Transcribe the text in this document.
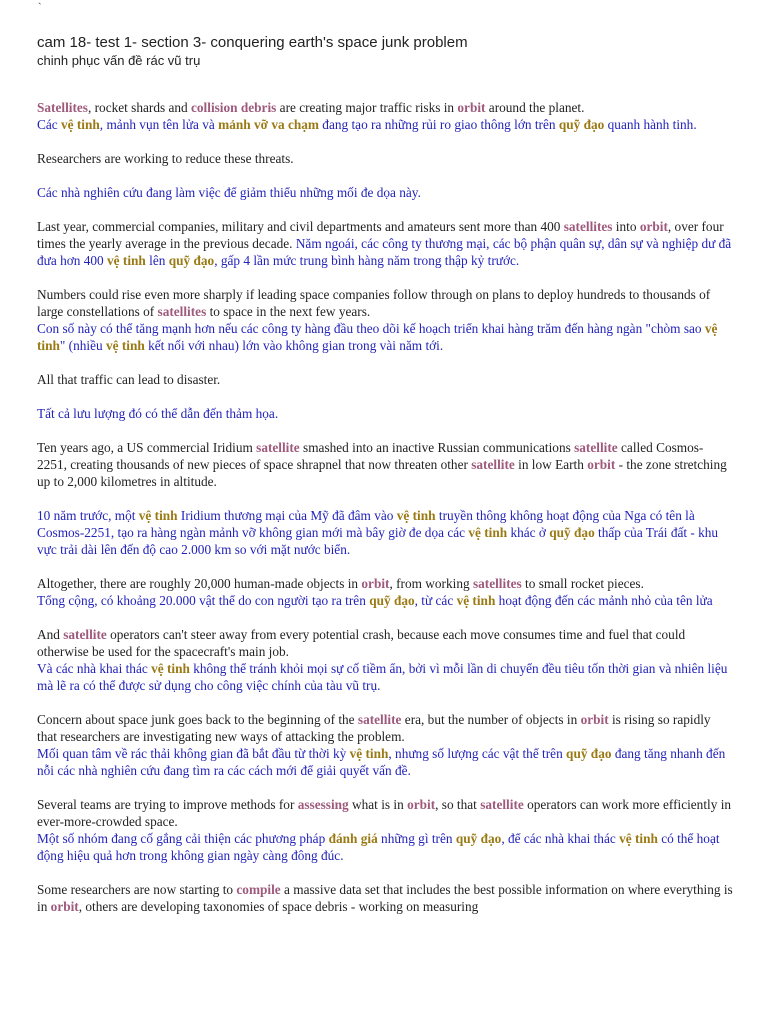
`
cam 18- test 1- section 3- conquering earth's space junk problem
chinh phục vấn đề rác vũ trụ

Satellites, rocket shards and collision debris are creating major traffic risks in orbit around the planet.

Các vệ tinh, mảnh vụn tên lửa và mảnh vỡ va chạm đang tạo ra những rủi ro giao thông lớn trên quỹ đạo quanh hành tinh.

Researchers are working to reduce these threats.

Các nhà nghiên cứu đang làm việc để giảm thiểu những mối đe dọa này.

Last year, commercial companies, military and civil departments and amateurs sent more than 400 satellites into orbit, over four times the yearly average in the previous decade. Năm ngoái, các công ty thương mại, các bộ phận quân sự, dân sự và nghiệp dư đã đưa hơn 400 vệ tinh lên quỹ đạo, gấp 4 lần mức trung bình hàng năm trong thập kỷ trước.

Numbers could rise even more sharply if leading space companies follow through on plans to deploy hundreds to thousands of large constellations of satellites to space in the next few years.

Con số này có thể tăng mạnh hơn nếu các công ty hàng đầu theo dõi kế hoạch triển khai hàng trăm đến hàng ngàn "chòm sao vệ tinh" (nhiều vệ tinh kết nối với nhau) lớn vào không gian trong vài năm tới.

All that traffic can lead to disaster.

Tất cả lưu lượng đó có thể dẫn đến thảm họa.

Ten years ago, a US commercial Iridium satellite smashed into an inactive Russian communications satellite called Cosmos-2251, creating thousands of new pieces of space shrapnel that now threaten other satellite in low Earth orbit - the zone stretching up to 2,000 kilometres in altitude.

10 năm trước, một vệ tinh Iridium thương mại của Mỹ đã đâm vào vệ tinh truyền thông không hoạt động của Nga có tên là Cosmos-2251, tạo ra hàng ngàn mảnh vỡ không gian mới mà bây giờ đe dọa các vệ tinh khác ở quỹ đạo thấp của Trái đất - khu vực trải dài lên đến độ cao 2.000 km so với mặt nước biển.

Altogether, there are roughly 20,000 human-made objects in orbit, from working satellites to small rocket pieces.

Tổng cộng, có khoảng 20.000 vật thể do con người tạo ra trên quỹ đạo, từ các vệ tinh hoạt động đến các mảnh nhỏ của tên lửa

And satellite operators can't steer away from every potential crash, because each move consumes time and fuel that could otherwise be used for the spacecraft's main job.

Và các nhà khai thác vệ tinh không thể tránh khỏi mọi sự cố tiềm ẩn, bởi vì mỗi lần di chuyển đều tiêu tốn thời gian và nhiên liệu mà lẽ ra có thể được sử dụng cho công việc chính của tàu vũ trụ.

Concern about space junk goes back to the beginning of the satellite era, but the number of objects in orbit is rising so rapidly that researchers are investigating new ways of attacking the problem.

Mối quan tâm về rác thải không gian đã bắt đầu từ thời kỳ vệ tinh, nhưng số lượng các vật thể trên quỹ đạo đang tăng nhanh đến nỗi các nhà nghiên cứu đang tìm ra các cách mới để giải quyết vấn đề.

Several teams are trying to improve methods for assessing what is in orbit, so that satellite operators can work more efficiently in ever-more-crowded space.

Một số nhóm đang cố gắng cải thiện các phương pháp đánh giá những gì trên quỹ đạo, để các nhà khai thác vệ tinh có thể hoạt động hiệu quả hơn trong không gian ngày càng đông đúc.

Some researchers are now starting to compile a massive data set that includes the best possible information on where everything is in orbit, others are developing taxonomies of space debris - working on measuring
